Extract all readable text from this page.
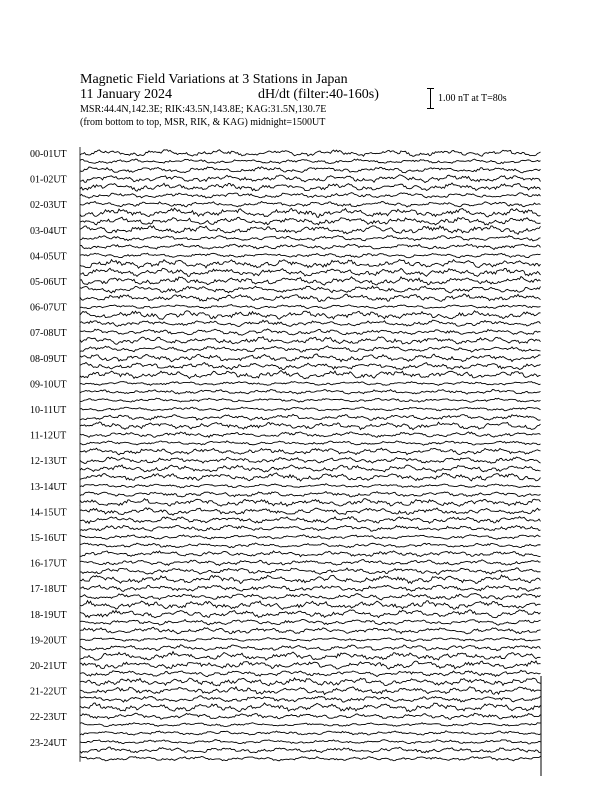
Magnetic Field Variations at 3 Stations in Japan
11 January 2024	dH/dt (filter:40-160s)
MSR:44.4N,142.3E; RIK:43.5N,143.8E; KAG:31.5N,130.7E
(from bottom to top, MSR, RIK, & KAG) midnight=1500UT
1.00 nT at T=80s
00-01UT
01-02UT
02-03UT
03-04UT
04-05UT
05-06UT
06-07UT
07-08UT
08-09UT
09-10UT
10-11UT
11-12UT
12-13UT
13-14UT
14-15UT
15-16UT
16-17UT
17-18UT
18-19UT
19-20UT
20-21UT
21-22UT
22-23UT
23-24UT
